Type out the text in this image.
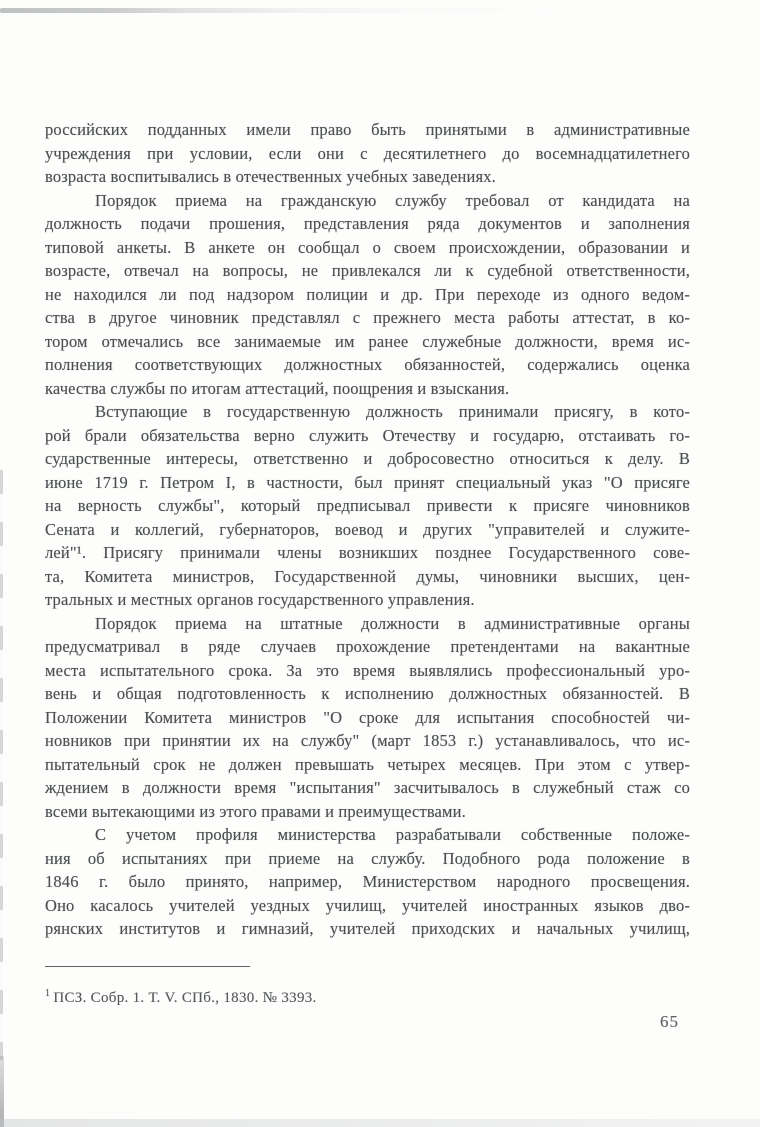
российских подданных имели право быть принятыми в административные
учреждения при условии, если они с десятилетнего до восемнадцатилетнего
возраста воспитывались в отечественных учебных заведениях.
Порядок приема на гражданскую службу требовал от кандидата на
должность подачи прошения, представления ряда документов и заполнения
типовой анкеты. В анкете он сообщал о своем происхождении, образовании и
возрасте, отвечал на вопросы, не привлекался ли к судебной ответственности,
не находился ли под надзором полиции и др. При переходе из одного ведом-
ства в другое чиновник представлял с прежнего места работы аттестат, в ко-
тором отмечались все занимаемые им ранее служебные должности, время ис-
полнения соответствующих должностных обязанностей, содержались оценка
качества службы по итогам аттестаций, поощрения и взыскания.
Вступающие в государственную должность принимали присягу, в кото-
рой брали обязательства верно служить Отечеству и государю, отстаивать го-
сударственные интересы, ответственно и добросовестно относиться к делу. В
июне 1719 г. Петром I, в частности, был принят специальный указ "О присяге
на верность службы", который предписывал привести к присяге чиновников
Сената и коллегий, губернаторов, воевод и других "управителей и служите-
лей"¹. Присягу принимали члены возникших позднее Государственного сове-
та, Комитета министров, Государственной думы, чиновники высших, цен-
тральных и местных органов государственного управления.
Порядок приема на штатные должности в административные органы
предусматривал в ряде случаев прохождение претендентами на вакантные
места испытательного срока. За это время выявлялись профессиональный уро-
вень и общая подготовленность к исполнению должностных обязанностей. В
Положении Комитета министров "О сроке для испытания способностей чи-
новников при принятии их на службу" (март 1853 г.) устанавливалось, что ис-
пытательный срок не должен превышать четырех месяцев. При этом с утвер-
ждением в должности время "испытания" засчитывалось в служебный стаж со
всеми вытекающими из этого правами и преимуществами.
С учетом профиля министерства разрабатывали собственные положе-
ния об испытаниях при приеме на службу. Подобного рода положение в
1846 г. было принято, например, Министерством народного просвещения.
Оно касалось учителей уездных училищ, учителей иностранных языков дво-
рянских институтов и гимназий, учителей приходских и начальных училищ,
$^1$ ПСЗ. Собр. 1. Т. V. СПб., 1830. № 3393.
65
